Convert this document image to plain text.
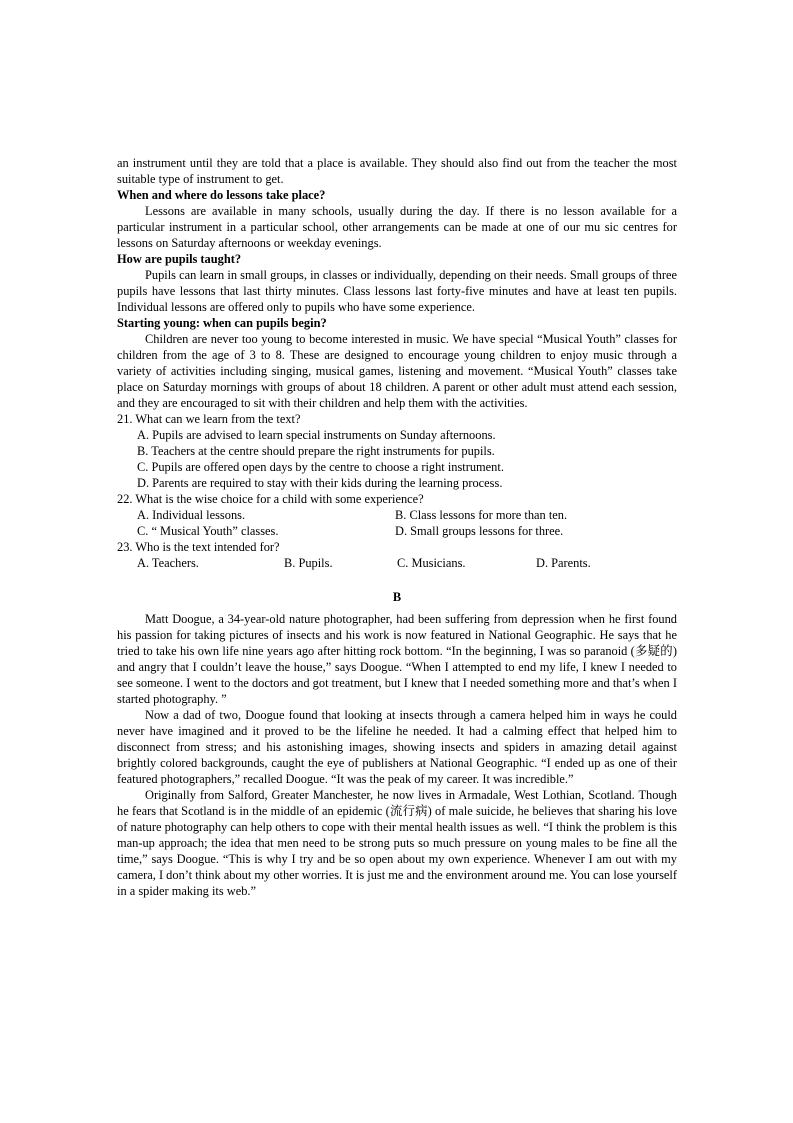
an instrument until they are told that a place is available. They should also find out from the teacher the most suitable type of instrument to get.

When and where do lessons take place?

Lessons are available in many schools, usually during the day. If there is no lesson available for a particular instrument in a particular school, other arrangements can be made at one of our mu sic centres for lessons on Saturday afternoons or weekday evenings.

How are pupils taught?

Pupils can learn in small groups, in classes or individually, depending on their needs. Small groups of three pupils have lessons that last thirty minutes. Class lessons last forty-five minutes and have at least ten pupils. Individual lessons are offered only to pupils who have some experience.

Starting young: when can pupils begin?

Children are never too young to become interested in music. We have special “Musical Youth” classes for children from the age of 3 to 8. These are designed to encourage young children to enjoy music through a variety of activities including singing, musical games, listening and movement. “Musical Youth” classes take place on Saturday mornings with groups of about 18 children. A parent or other adult must attend each session, and they are encouraged to sit with their children and help them with the activities.

21. What can we learn from the text?

A. Pupils are advised to learn special instruments on Sunday afternoons.

B. Teachers at the centre should prepare the right instruments for pupils.

C. Pupils are offered open days by the centre to choose a right instrument.

D. Parents are required to stay with their kids during the learning process.

22. What is the wise choice for a child with some experience?

A. Individual lessons.	B. Class lessons for more than ten.
C. “ Musical Youth” classes.	D. Small groups lessons for three.

23. Who is the text intended for?

A. Teachers.	B. Pupils.	C. Musicians.	D. Parents.

B

Matt Doogue, a 34-year-old nature photographer, had been suffering from depression when he first found his passion for taking pictures of insects and his work is now featured in National Geographic. He says that he tried to take his own life nine years ago after hitting rock bottom. “In the beginning, I was so paranoid (多疑的) and angry that I couldn’t leave the house,” says Doogue. “When I attempted to end my life, I knew I needed to see someone. I went to the doctors and got treatment, but I knew that I needed something more and that’s when I started photography. ”

Now a dad of two, Doogue found that looking at insects through a camera helped him in ways he could never have imagined and it proved to be the lifeline he needed. It had a calming effect that helped him to disconnect from stress; and his astonishing images, showing insects and spiders in amazing detail against brightly colored backgrounds, caught the eye of publishers at National Geographic. “I ended up as one of their featured photographers,” recalled Doogue. “It was the peak of my career. It was incredible.”

Originally from Salford, Greater Manchester, he now lives in Armadale, West Lothian, Scotland. Though he fears that Scotland is in the middle of an epidemic (流行病) of male suicide, he believes that sharing his love of nature photography can help others to cope with their mental health issues as well. “I think the problem is this man-up approach; the idea that men need to be strong puts so much pressure on young males to be fine all the time,” says Doogue. “This is why I try and be so open about my own experience. Whenever I am out with my camera, I don’t think about my other worries. It is just me and the environment around me. You can lose yourself in a spider making its web.”
